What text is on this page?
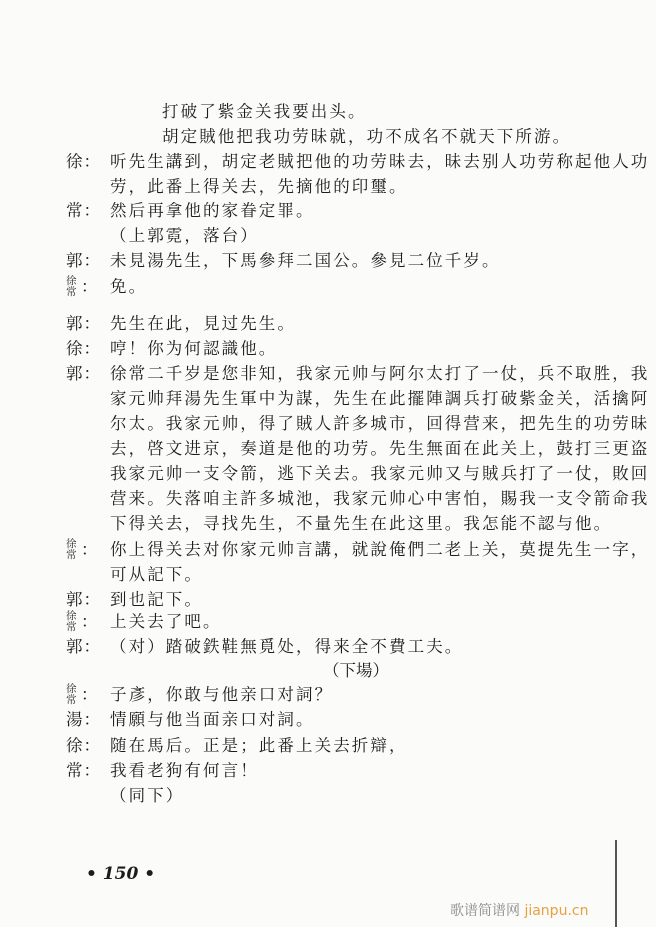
打破了紫金关我要出头。
胡定賊他把我功劳昧就，功不成名不就天下所游。
徐： 听先生講到，胡定老賊把他的功劳昧去，昧去别人功劳称起他人功
劳，此番上得关去，先摘他的印璽。
常： 然后再拿他的家眷定罪。
（上郭霓，落台）
郭： 未見湯先生，下馬參拜二国公。參見二位千岁。
徐常 ： 免。
郭： 先生在此，見过先生。
徐： 哼！你为何認識他。
郭： 徐常二千岁是您非知，我家元帅与阿尔太打了一仗，兵不取胜，我
家元帅拜湯先生軍中为謀，先生在此擺陣調兵打破紫金关，活擒阿
尔太。我家元帅，得了賊人許多城市，回得营来，把先生的功劳昧
去，啓文进京，奏道是他的功劳。先生無面在此关上，鼓打三更盗
我家元帅一支令箭，逃下关去。我家元帅又与賊兵打了一仗，敗回
营来。失落咱主許多城池，我家元帅心中害怕，賜我一支令箭命我
下得关去，寻找先生，不量先生在此这里。我怎能不認与他。
徐常 ： 你上得关去对你家元帅言講，就說俺們二老上关，莫提先生一字，
可从記下。
郭： 到也記下。
徐常 ： 上关去了吧。
郭： （对）踏破鉄鞋無覓处，得来全不費工夫。
（下場）
徐常 ： 子彥，你敢与他亲口对詞？
湯： 情願与他当面亲口对詞。
徐： 随在馬后。正是；此番上关去折辯，
常： 我看老狗有何言！
（同下）
• 150 •
歌谱简谱网 jianpu.cn
